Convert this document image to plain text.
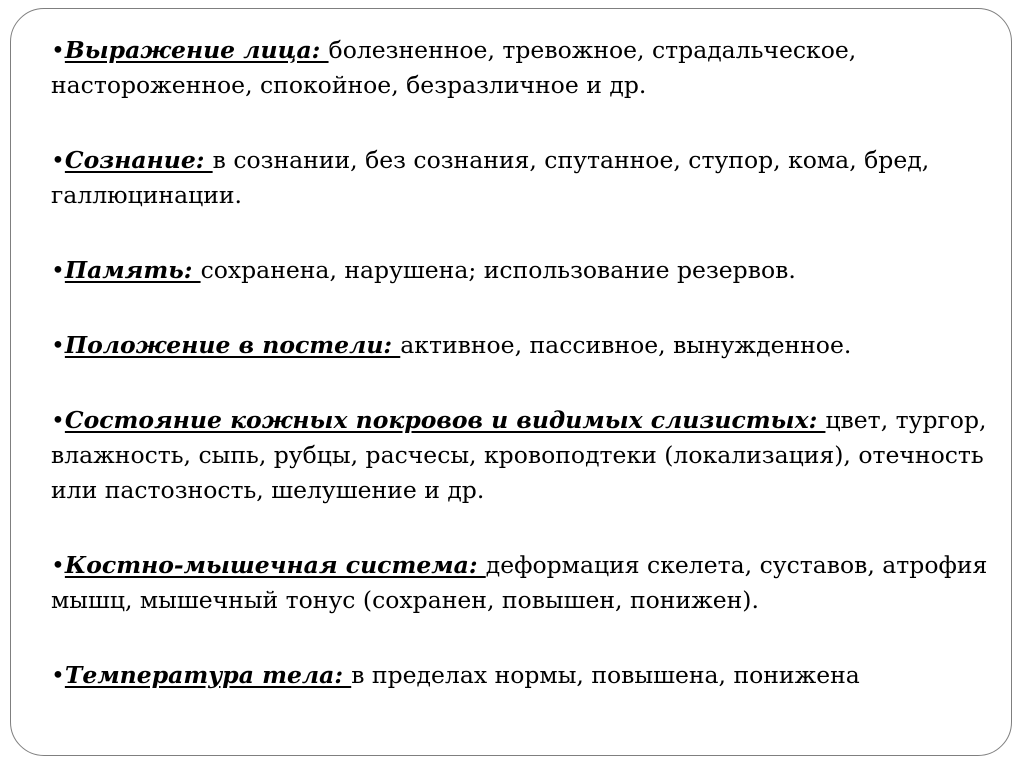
•Выражение лица: болезненное, тревожное, страдальческое, настороженное, спокойное, безразличное и др.

•Сознание: в сознании, без сознания, спутанное, ступор, кома, бред, галлюцинации.

•Память: сохранена, нарушена; использование резервов.

•Положение в постели: активное, пассивное, вынужденное.

•Состояние кожных покровов и видимых слизистых: цвет, тургор, влажность, сыпь, рубцы, расчесы, кровоподтеки (локализация), отечность или пастозность, шелушение и др.

•Костно-мышечная система: деформация скелета, суставов, атрофия мышц, мышечный тонус (сохранен, повышен, понижен).

•Температура тела: в пределах нормы, повышена, понижена
